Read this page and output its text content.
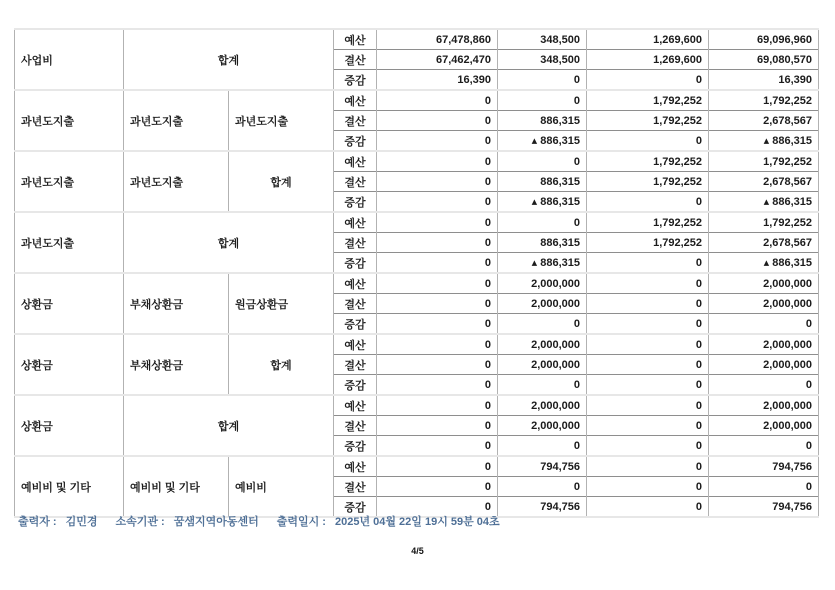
사업비	합계		예산	67,478,860	348,500	1,269,600	69,096,960
			결산	67,462,470	348,500	1,269,600	69,080,570
			증감	16,390	0	0	16,390
과년도지출	과년도지출	과년도지출	예산	0	0	1,792,252	1,792,252
			결산	0	886,315	1,792,252	2,678,567
			증감	0	▴ 886,315	0	▴ 886,315
과년도지출	과년도지출	합계	예산	0	0	1,792,252	1,792,252
			결산	0	886,315	1,792,252	2,678,567
			증감	0	▴ 886,315	0	▴ 886,315
과년도지출	합계		예산	0	0	1,792,252	1,792,252
			결산	0	886,315	1,792,252	2,678,567
			증감	0	▴ 886,315	0	▴ 886,315
상환금	부채상환금	원금상환금	예산	0	2,000,000	0	2,000,000
			결산	0	2,000,000	0	2,000,000
			증감	0	0	0	0
상환금	부채상환금	합계	예산	0	2,000,000	0	2,000,000
			결산	0	2,000,000	0	2,000,000
			증감	0	0	0	0
상환금	합계		예산	0	2,000,000	0	2,000,000
			결산	0	2,000,000	0	2,000,000
			증감	0	0	0	0
예비비 및 기타	예비비 및 기타	예비비	예산	0	794,756	0	794,756
			결산	0	0	0	0
			증감	0	794,756	0	794,756
출력자 : 김민경 소속기관 : 꿈샘지역아동센터 출력일시 : 2025년 04월 22일 19시 59분 04초
4/5
